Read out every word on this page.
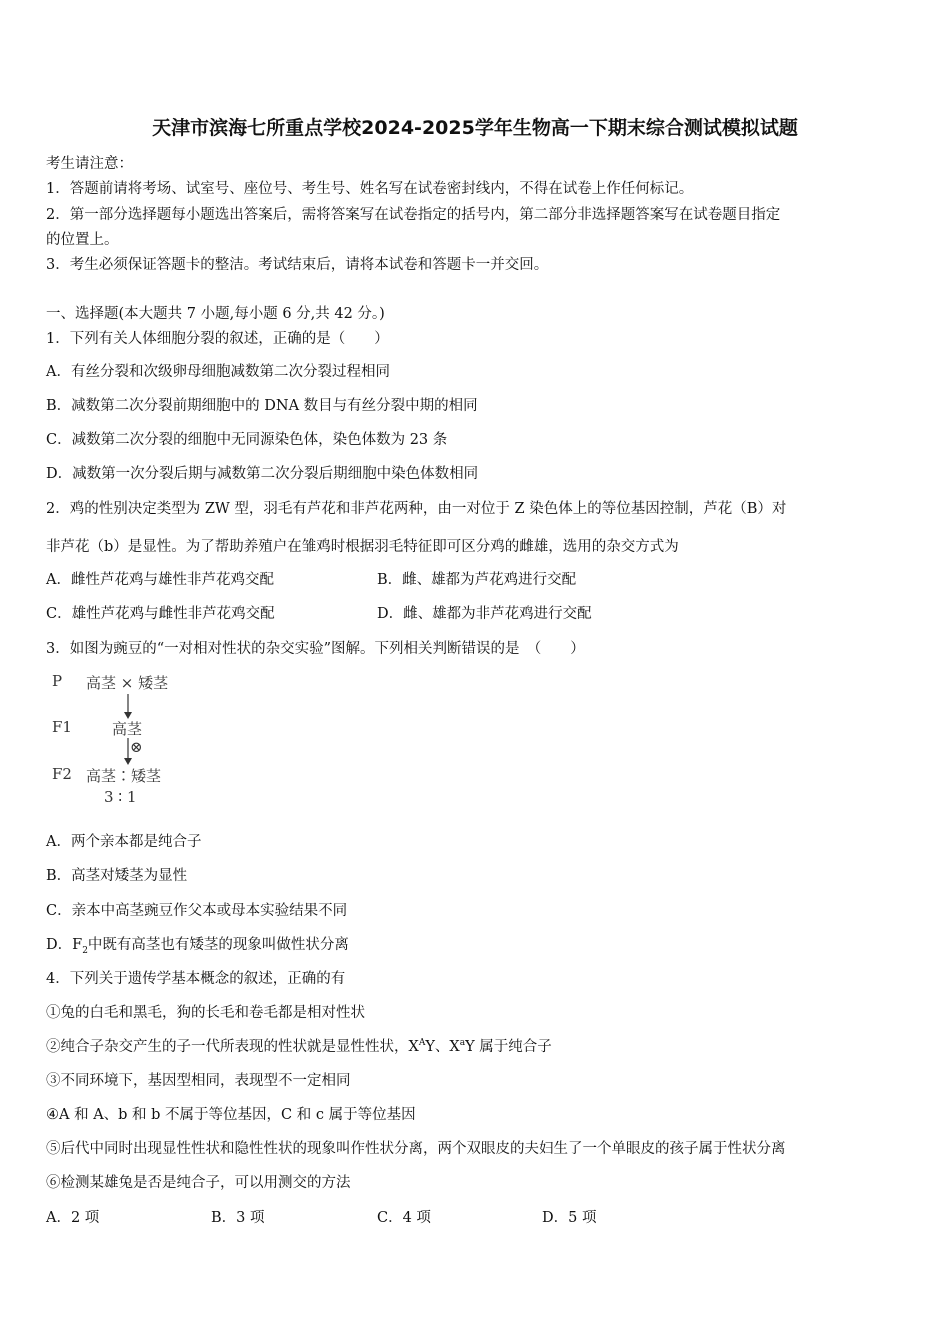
天津市滨海七所重点学校2024-2025学年生物高一下期末综合测试模拟试题
考生请注意：
1．答题前请将考场、试室号、座位号、考生号、姓名写在试卷密封线内，不得在试卷上作任何标记。
2．第一部分选择题每小题选出答案后，需将答案写在试卷指定的括号内，第二部分非选择题答案写在试卷题目指定
的位置上。
3．考生必须保证答题卡的整洁。考试结束后，请将本试卷和答题卡一并交回。
一、选择题(本大题共 7 小题,每小题 6 分,共 42 分。)
1．下列有关人体细胞分裂的叙述，正确的是（　　）
A．有丝分裂和次级卵母细胞减数第二次分裂过程相同
B．减数第二次分裂前期细胞中的 DNA 数目与有丝分裂中期的相同
C．减数第二次分裂的细胞中无同源染色体，染色体数为 23 条
D．减数第一次分裂后期与减数第二次分裂后期细胞中染色体数相同
2．鸡的性别决定类型为 ZW 型，羽毛有芦花和非芦花两种，由一对位于 Z 染色体上的等位基因控制，芦花（B）对
非芦花（b）是显性。为了帮助养殖户在雏鸡时根据羽毛特征即可区分鸡的雌雄，选用的杂交方式为
A．雌性芦花鸡与雄性非芦花鸡交配	B．雌、雄都为芦花鸡进行交配
C．雄性芦花鸡与雌性非芦花鸡交配	D．雌、雄都为非芦花鸡进行交配
3．如图为豌豆的“一对相对性状的杂交实验”图解。下列相关判断错误的是　（　　）
P 高茎 × 矮茎
F1	高茎
⊗
F2 高茎∶矮茎
3 ∶ 1
A．两个亲本都是纯合子
B．高茎对矮茎为显性
C．亲本中高茎豌豆作父本或母本实验结果不同
D．$F_2$中既有高茎也有矮茎的现象叫做性状分离
4．下列关于遗传学基本概念的叙述，正确的有
①兔的白毛和黑毛，狗的长毛和卷毛都是相对性状
②纯合子杂交产生的子一代所表现的性状就是显性性状，$X^AY$、$X^aY$ 属于纯合子
③不同环境下，基因型相同，表现型不一定相同
④A 和 A、b 和 b 不属于等位基因，C 和 c 属于等位基因
⑤后代中同时出现显性性状和隐性性状的现象叫作性状分离，两个双眼皮的夫妇生了一个单眼皮的孩子属于性状分离
⑥检测某雄兔是否是纯合子，可以用测交的方法
A．2 项	B．3 项	C．4 项	D．5 项
